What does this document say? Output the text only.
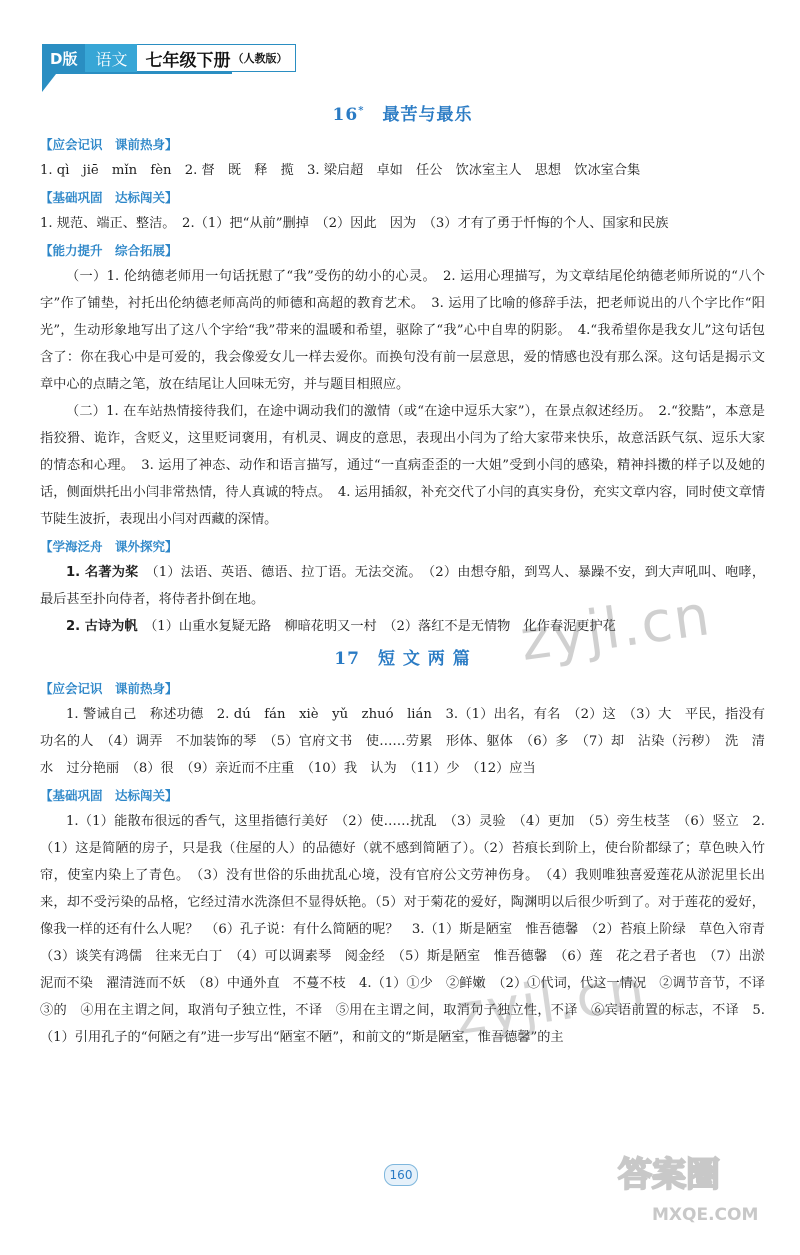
D版	语文	七年级下册 （人教版）
16*　 最苦与最乐
【应会记识　课前热身】

1. qì　jiē　mǐn　fèn　2. 督　既　释　揽　3. 梁启超　卓如　任公　饮冰室主人　思想　饮冰室合集

【基础巩固　达标闯关】

1. 规范、端正、整洁。　2.（1）把“从前”删掉　（2）因此　因为　（3）才有了勇于忏悔的个人、国家和民族

【能力提升　综合拓展】

（一）1. 伦纳德老师用一句话抚慰了“我”受伤的幼小的心灵。　2. 运用心理描写，为文章结尾伦纳德老师所说的“八个字”作了铺垫，衬托出伦纳德老师高尚的师德和高超的教育艺术。　3. 运用了比喻的修辞手法，把老师说出的八个字比作“阳光”，生动形象地写出了这八个字给“我”带来的温暖和希望，驱除了“我”心中自卑的阴影。　4.“我希望你是我女儿”这句话包含了：你在我心中是可爱的，我会像爱女儿一样去爱你。而换句没有前一层意思，爱的情感也没有那么深。这句话是揭示文章中心的点睛之笔，放在结尾让人回味无穷，并与题目相照应。

（二）1. 在车站热情接待我们，在途中调动我们的激情（或“在途中逗乐大家”），在景点叙述经历。　2.“狡黠”，本意是指狡猾、诡诈，含贬义，这里贬词褒用，有机灵、调皮的意思，表现出小闫为了给大家带来快乐，故意活跃气氛、逗乐大家的情态和心理。　3. 运用了神态、动作和语言描写，通过“一直病歪歪的一大姐”受到小闫的感染，精神抖擞的样子以及她的话，侧面烘托出小闫非常热情，待人真诚的特点。　4. 运用插叙，补充交代了小闫的真实身份，充实文章内容，同时使文章情节陡生波折，表现出小闫对西藏的深情。

【学海泛舟　课外探究】

1. 名著为桨　 （1）法语、英语、德语、拉丁语。无法交流。　（2）由想夺船，到骂人、暴躁不安，到大声吼叫、咆哮，最后甚至扑向侍者，将侍者扑倒在地。

2. 古诗为帆　 （1）山重水复疑无路　柳暗花明又一村　（2）落红不是无情物　化作春泥更护花

17　 短 文 两 篇
【应会记识　课前热身】

1. 警诫自己　称述功德　2. dú　fán　xiè　yǔ　zhuó　lián　3.（1）出名，有名　（2）这　（3）大　平民，指没有功名的人　（4）调弄　不加装饰的琴　（5）官府文书　使……劳累　形体、躯体　（6）多　（7）却　沾染（污秽）　洗　清水　过分艳丽　（8）很　（9）亲近而不庄重　（10）我　认为　（11）少　（12）应当

【基础巩固　达标闯关】

1.（1）能散布很远的香气，这里指德行美好　（2）使……扰乱　（3）灵验　（4）更加　（5）旁生枝茎　（6）竖立　2.（1）这是简陋的房子，只是我（住屋的人）的品德好（就不感到简陋了）。（2）苔痕长到阶上，使台阶都绿了；草色映入竹帘，使室内染上了青色。　（3）没有世俗的乐曲扰乱心境，没有官府公文劳神伤身。　（4）我则唯独喜爱莲花从淤泥里长出来，却不受污染的品格，它经过清水洗涤但不显得妖艳。（5）对于菊花的爱好，陶渊明以后很少听到了。对于莲花的爱好，像我一样的还有什么人呢？　（6）孔子说：有什么简陋的呢？　3.（1）斯是陋室　惟吾德馨　（2）苔痕上阶绿　草色入帘青　（3）谈笑有鸿儒　往来无白丁　（4）可以调素琴　阅金经　（5）斯是陋室　惟吾德馨　（6）莲　花之君子者也　（7）出淤泥而不染　濯清涟而不妖　（8）中通外直　不蔓不枝　4.（1）①少　②鲜嫩　（2）①代词，代这一情况　②调节音节，不译　③的　④用在主谓之间，取消句子独立性，不译　⑤用在主谓之间，取消句子独立性，不译　⑥宾语前置的标志，不译　5.（1）引用孔子的“何陋之有”进一步写出“陋室不陋”，和前文的“斯是陋室，惟吾德馨”的主

zyjl.cn
zyjl.cn
160	答案圈
MXQE.COM
